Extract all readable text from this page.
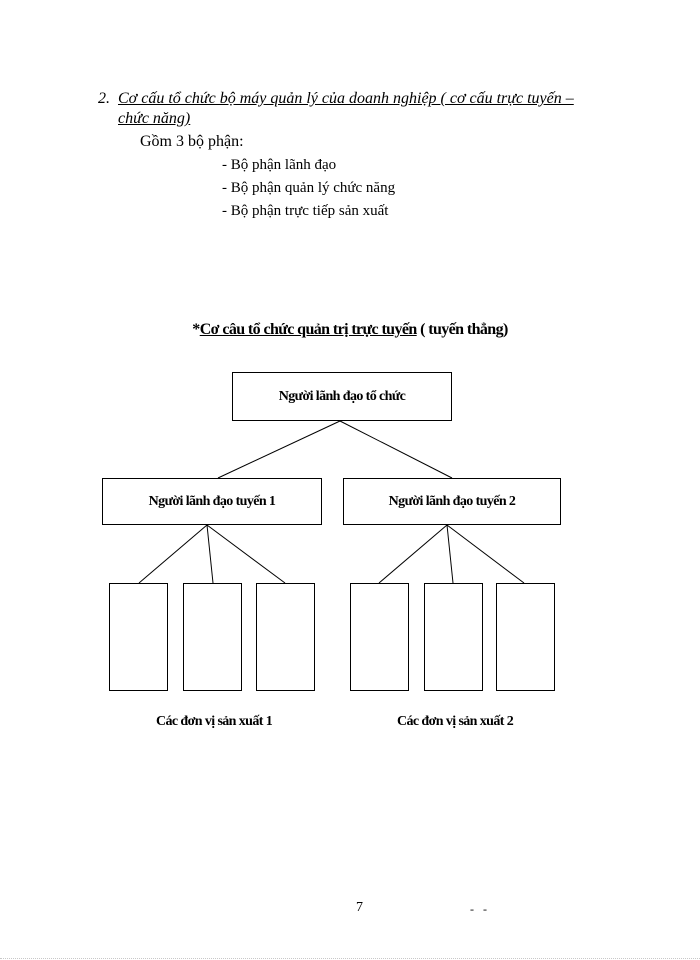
2. Cơ cấu tổ chức bộ máy quản lý của doanh nghiệp ( cơ cấu trực tuyến –
chức năng)
Gồm 3 bộ phận:
- Bộ phận lãnh đạo
- Bộ phận quản lý chức năng
- Bộ phận trực tiếp sản xuất
*Cơ câu tổ chức quản trị trực tuyến ( tuyến thẳng)
Người lãnh đạo tổ chức
Người lãnh đạo tuyến 1	Người lãnh đạo tuyến 2
Các đơn vị sản xuất 1	Các đơn vị sản xuất 2
7	- -
